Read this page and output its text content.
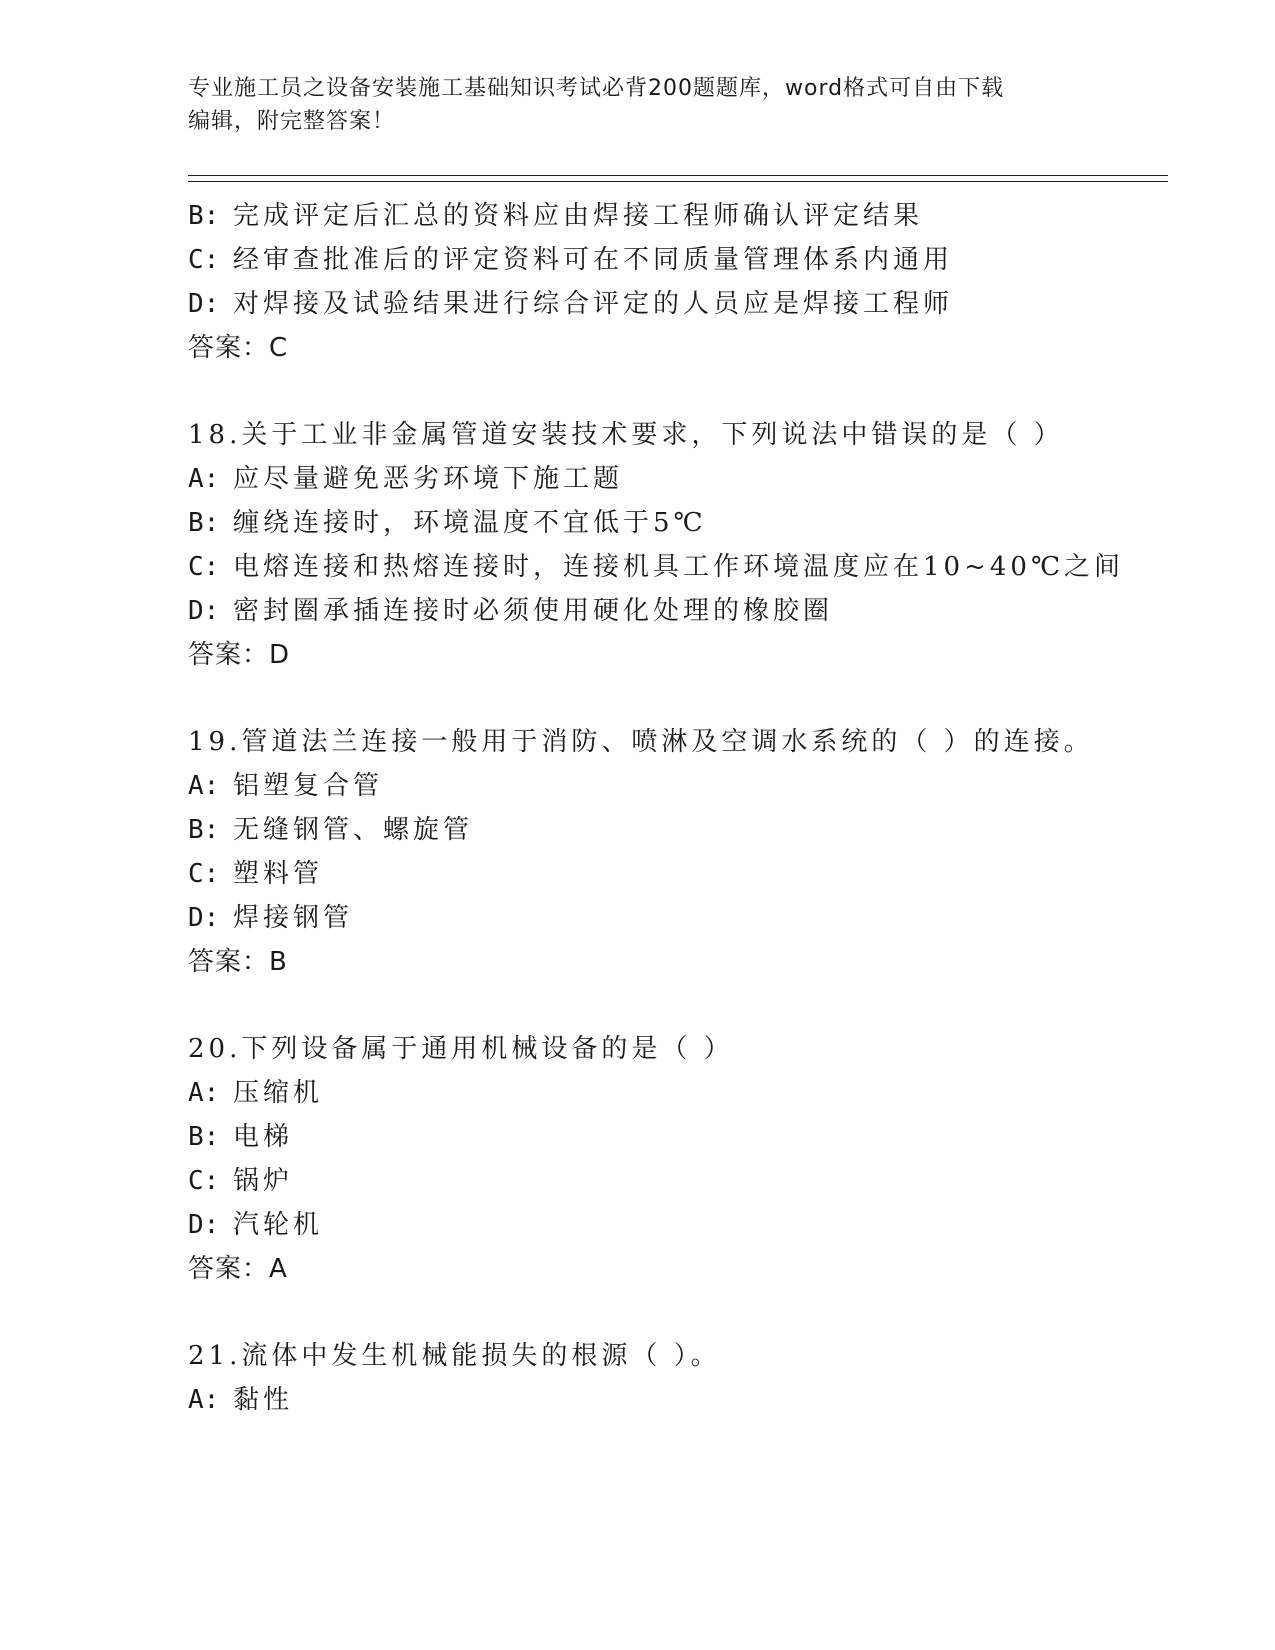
专业施工员之设备安装施工基础知识考试必背200题题库，word格式可自由下载
编辑，附完整答案！
B: 完成评定后汇总的资料应由焊接工程师确认评定结果
C: 经审查批准后的评定资料可在不同质量管理体系内通用
D: 对焊接及试验结果进行综合评定的人员应是焊接工程师
答案：C
18.关于工业非金属管道安装技术要求，下列说法中错误的是（ ）
A: 应尽量避免恶劣环境下施工题
B: 缠绕连接时，环境温度不宜低于5℃
C: 电熔连接和热熔连接时，连接机具工作环境温度应在10~40℃之间
D: 密封圈承插连接时必须使用硬化处理的橡胶圈
答案：D
19.管道法兰连接一般用于消防、喷淋及空调水系统的（ ）的连接。
A: 铝塑复合管
B: 无缝钢管、螺旋管
C: 塑料管
D: 焊接钢管
答案：B
20.下列设备属于通用机械设备的是（ ）
A: 压缩机
B: 电梯
C: 锅炉
D: 汽轮机
答案：A
21.流体中发生机械能损失的根源（ ）。
A: 黏性
